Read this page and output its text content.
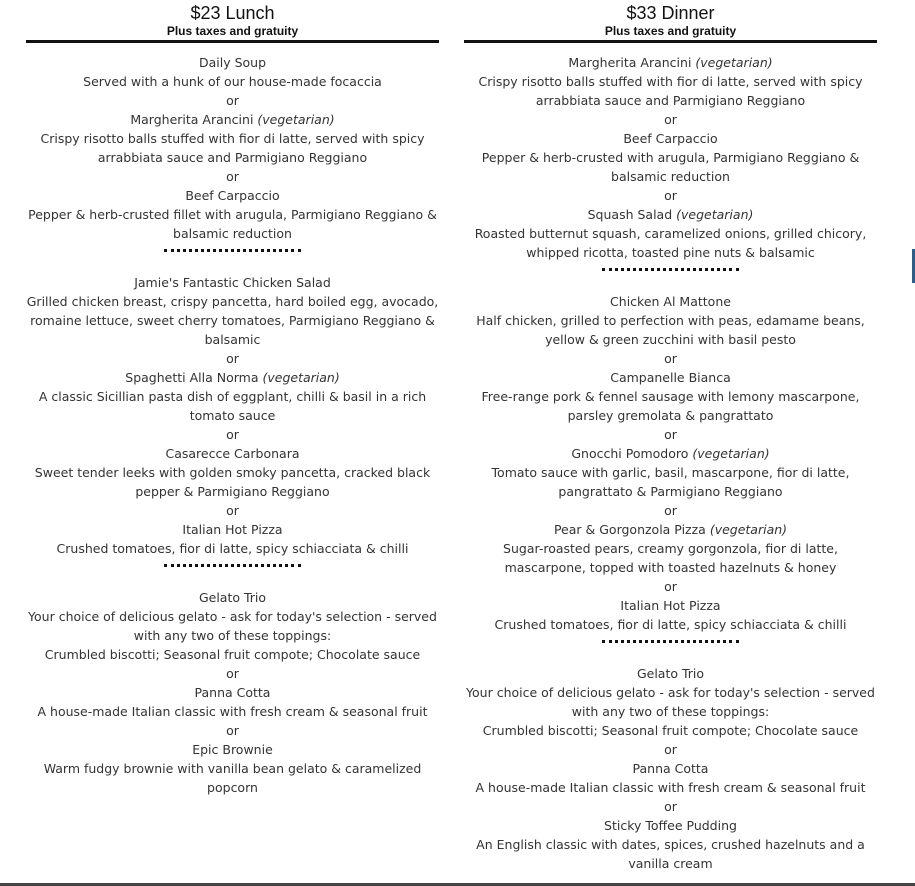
$23 Lunch
Plus taxes and gratuity
Daily Soup
Served with a hunk of our house-made focaccia
or
Margherita Arancini (vegetarian)
Crispy risotto balls stuffed with fior di latte, served with spicy arrabbiata sauce and Parmigiano Reggiano
or
Beef Carpaccio
Pepper & herb-crusted fillet with arugula, Parmigiano Reggiano & balsamic reduction
Jamie's Fantastic Chicken Salad
Grilled chicken breast, crispy pancetta, hard boiled egg, avocado, romaine lettuce, sweet cherry tomatoes, Parmigiano Reggiano & balsamic
or
Spaghetti Alla Norma (vegetarian)
A classic Sicillian pasta dish of eggplant, chilli & basil in a rich tomato sauce
or
Casarecce Carbonara
Sweet tender leeks with golden smoky pancetta, cracked black pepper & Parmigiano Reggiano
or
Italian Hot Pizza
Crushed tomatoes, fior di latte, spicy schiacciata & chilli
Gelato Trio
Your choice of delicious gelato - ask for today's selection - served with any two of these toppings:
Crumbled biscotti; Seasonal fruit compote; Chocolate sauce
or
Panna Cotta
A house-made Italian classic with fresh cream & seasonal fruit
or
Epic Brownie
Warm fudgy brownie with vanilla bean gelato & caramelized popcorn
$33 Dinner
Plus taxes and gratuity
Margherita Arancini (vegetarian)
Crispy risotto balls stuffed with fior di latte, served with spicy arrabbiata sauce and Parmigiano Reggiano
or
Beef Carpaccio
Pepper & herb-crusted with arugula, Parmigiano Reggiano & balsamic reduction
or
Squash Salad (vegetarian)
Roasted butternut squash, caramelized onions, grilled chicory, whipped ricotta, toasted pine nuts & balsamic
Chicken Al Mattone
Half chicken, grilled to perfection with peas, edamame beans, yellow & green zucchini with basil pesto
or
Campanelle Bianca
Free-range pork & fennel sausage with lemony mascarpone, parsley gremolata & pangrattato
or
Gnocchi Pomodoro (vegetarian)
Tomato sauce with garlic, basil, mascarpone, fior di latte, pangrattato & Parmigiano Reggiano
or
Pear & Gorgonzola Pizza (vegetarian)
Sugar-roasted pears, creamy gorgonzola, fior di latte, mascarpone, topped with toasted hazelnuts & honey
or
Italian Hot Pizza
Crushed tomatoes, fior di latte, spicy schiacciata & chilli
Gelato Trio
Your choice of delicious gelato - ask for today's selection - served with any two of these toppings:
Crumbled biscotti; Seasonal fruit compote; Chocolate sauce
or
Panna Cotta
A house-made Italian classic with fresh cream & seasonal fruit
or
Sticky Toffee Pudding
An English classic with dates, spices, crushed hazelnuts and a vanilla cream
